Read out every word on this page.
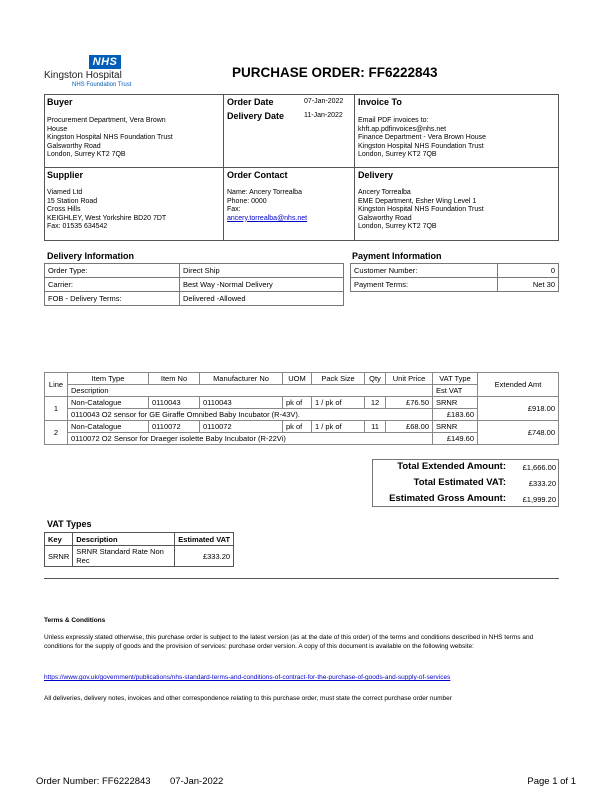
NHS
Kingston Hospital
NHS Foundation Trust
PURCHASE ORDER: FF6222843
Buyer
Procurement Department, Vera Brown
House
Kingston Hospital NHS Foundation Trust
Galsworthy Road
London, Surrey KT2 7QB
Order Date	07-Jan-2022
Delivery Date	11-Jan-2022
Invoice To
Email PDF invoices to:
khft.ap.pdfinvoices@nhs.net
Finance Department - Vera Brown House
Kingston Hospital NHS Foundation Trust
London, Surrey KT2 7QB
Supplier
Viamed Ltd
15 Station Road
Cross Hills
KEIGHLEY, West Yorkshire BD20 7DT
Fax: 01535 634542
Order Contact
Name: Ancery Torrealba
Phone: 0000
Fax:
ancery.torrealba@nhs.net
Delivery
Ancery Torrealba
EME Department, Esher Wing Level 1
Kingston Hospital NHS Foundation Trust
Galsworthy Road
London, Surrey KT2 7QB
Delivery Information
Order Type:	Direct Ship
Carrier:	Best Way -Normal Delivery
FOB - Delivery Terms:	Delivered -Allowed
Payment Information
Customer Number:	0
Payment Terms:	Net 30
Line	Item Type	Item No	Manufacturer No	UOM	Pack Size	Qty	Unit Price	VAT Type	Extended Amt
	Description							Est VAT	
1	Non-Catalogue	0110043	0110043	pk of	1 / pk of	12	£76.50	SRNR	£918.00
	0110043 O2 sensor for GE Giraffe Omnibed Baby Incubator (R-43V).							£183.60	
2	Non-Catalogue	0110072	0110072	pk of	1 / pk of	11	£68.00	SRNR	£748.00
	0110072 O2 Sensor for Draeger isolette Baby Incubator (R-22Vi)							£149.60	
Total Extended Amount:	£1,666.00
Total Estimated VAT:	£333.20
Estimated Gross Amount:	£1,999.20
VAT Types
Key	Description	Estimated VAT
SRNR	SRNR Standard Rate Non Rec	£333.20
Terms & Conditions
Unless expressly stated otherwise, this purchase order is subject to the latest version (as at the date of this order) of the terms and conditions described in NHS terms and conditions for the supply of goods and the provision of services: purchase order version. A copy of this document is available on the following website:
https://www.gov.uk/government/publications/nhs-standard-terms-and-conditions-of-contract-for-the-purchase-of-goods-and-supply-of-services
All deliveries, delivery notes, invoices and other correspondence relating to this purchase order, must state the correct purchase order number
Order Number: FF6222843 07-Jan-2022	Page 1 of 1
